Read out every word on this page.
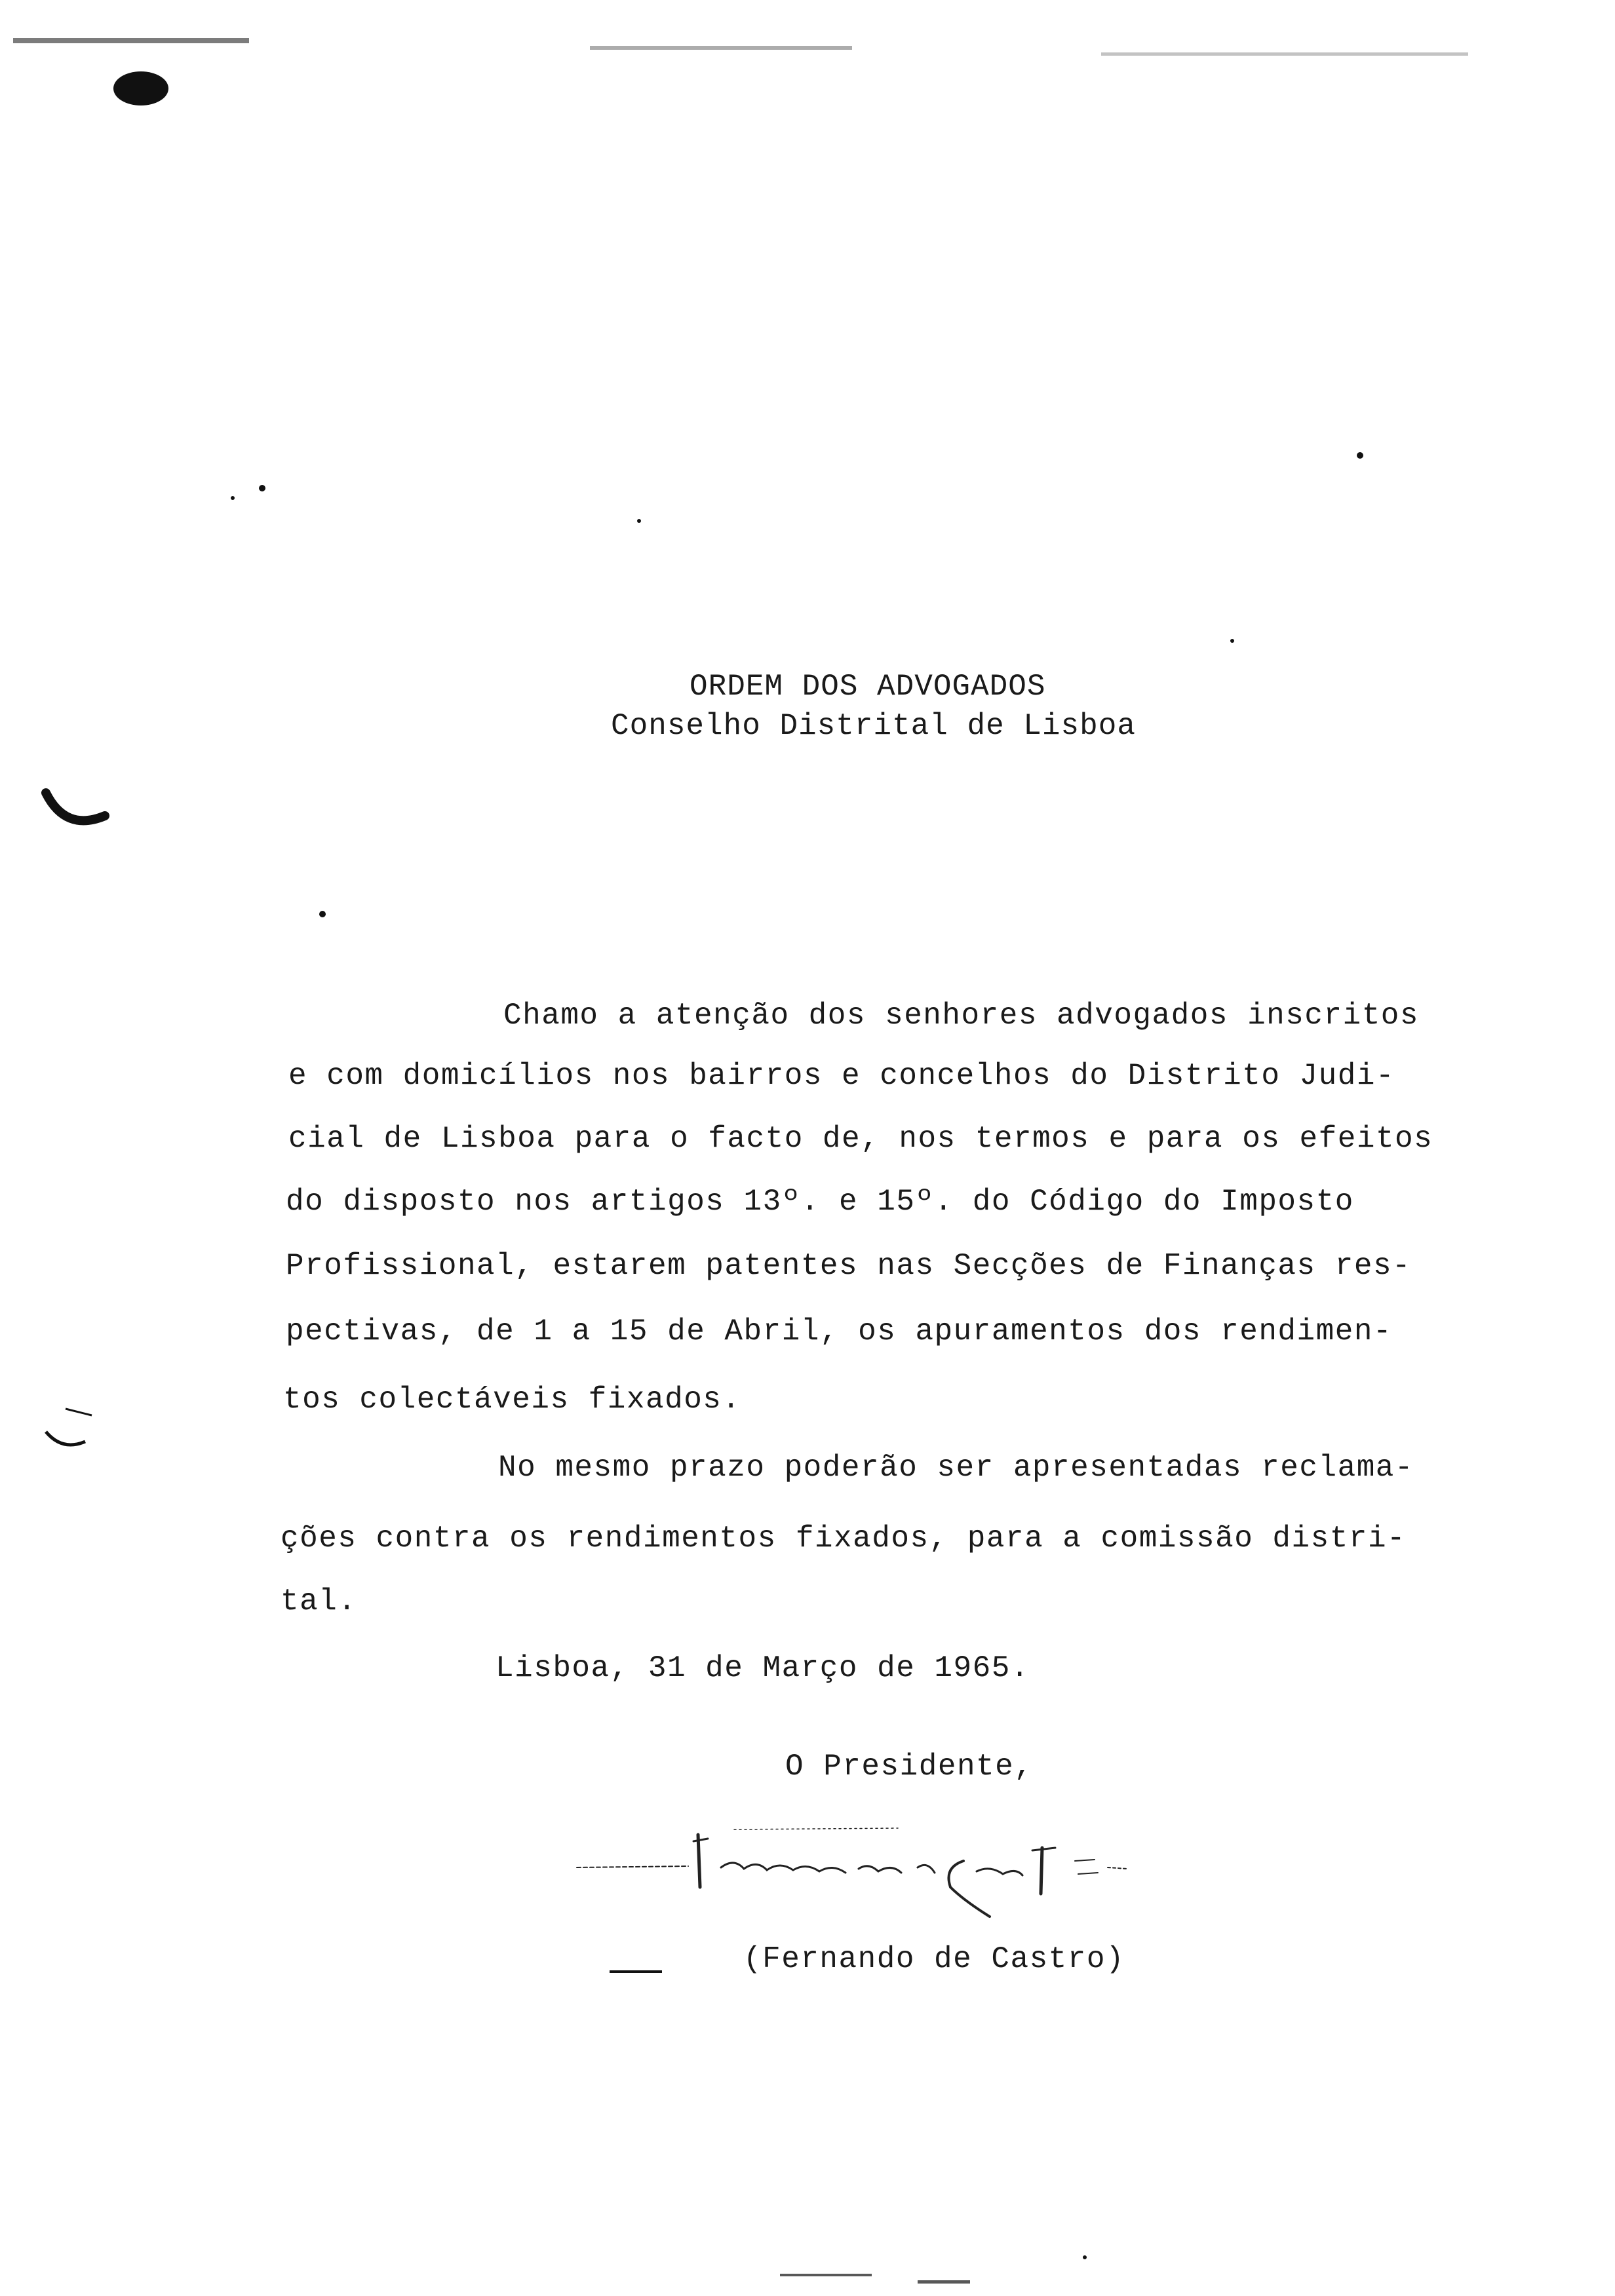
ORDEM DOS ADVOGADOS
Conselho Distrital de Lisboa
Chamo a atenção dos senhores advogados inscritos
e com domicílios nos bairros e concelhos do Distrito Judi-
cial de Lisboa para o facto de, nos termos e para os efeitos
do disposto nos artigos 13º. e 15º. do Código do Imposto
Profissional, estarem patentes nas Secções de Finanças res-
pectivas, de 1 a 15 de Abril, os apuramentos dos rendimen-
tos colectáveis fixados.
No mesmo prazo poderão ser apresentadas reclama-
ções contra os rendimentos fixados, para a comissão distri-
tal.
Lisboa, 31 de Março de 1965.
O Presidente,
(Fernando de Castro)
